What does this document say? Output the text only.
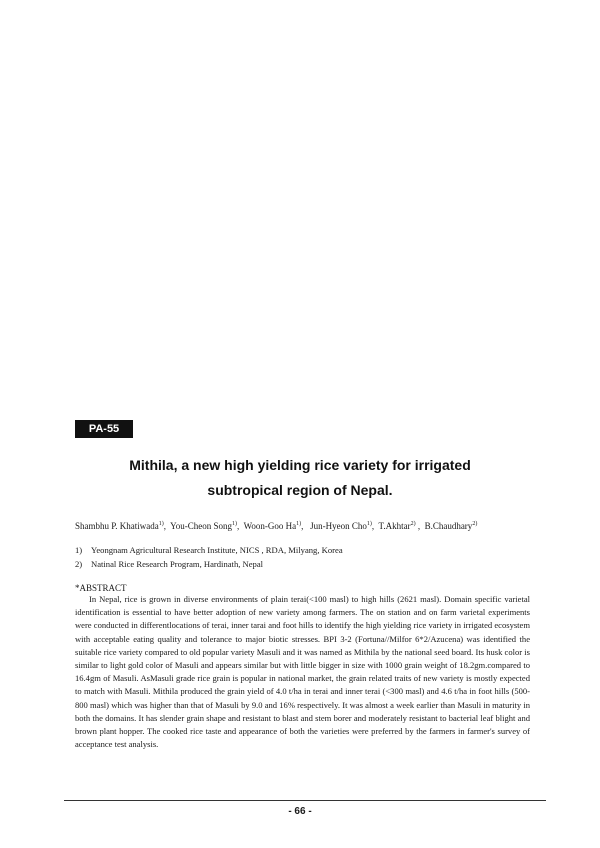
PA-55
Mithila, a new high yielding rice variety for irrigated
subtropical region of Nepal.
Shambhu P. Khatiwada$^{1)}$,  You-Cheon Song$^{1)}$,  Woon-Goo Ha$^{1)}$,   Jun-Hyeon Cho$^{1)}$,  T.Akhtar$^{2)}$ ,  B.Chaudhary$^{2)}$
1)	Yeongnam Agricultural Research Institute, NICS , RDA, Milyang, Korea
2)	Natinal Rice Research Program, Hardinath, Nepal
*ABSTRACT
In Nepal, rice is grown in diverse environments of plain terai(<100 masl) to high hills (2621 masl). Domain specific varietal identification is essential to have better adoption of new variety among farmers. The on station and on farm varietal experiments were conducted in differentlocations of terai, inner tarai and foot hills to identify the high yielding rice variety in irrigated ecosystem with acceptable eating quality and tolerance to major biotic stresses. BPI 3-2 (Fortuna//Milfor 6*2/Azucena) was identified the suitable rice variety compared to old popular variety Masuli and it was named as Mithila by the national seed board. Its husk color is similar to light gold color of Masuli and appears similar but with little bigger in size with 1000 grain weight of 18.2gm.compared to 16.4gm of Masuli. AsMasuli grade rice grain is popular in national market, the grain related traits of new variety is mostly expected to match with Masuli. Mithila produced the grain yield of 4.0 t/ha in terai and inner terai (<300 masl) and 4.6 t/ha in foot hills (500-800 masl) which was higher than that of Masuli by 9.0 and 16% respectively. It was almost a week earlier than Masuli in maturity in both the domains. It has slender grain shape and resistant to blast and stem borer and moderately resistant to bacterial leaf blight and brown plant hopper. The cooked rice taste and appearance of both the varieties were preferred by the farmers in farmer's survey of acceptance test analysis.
- 66 -
